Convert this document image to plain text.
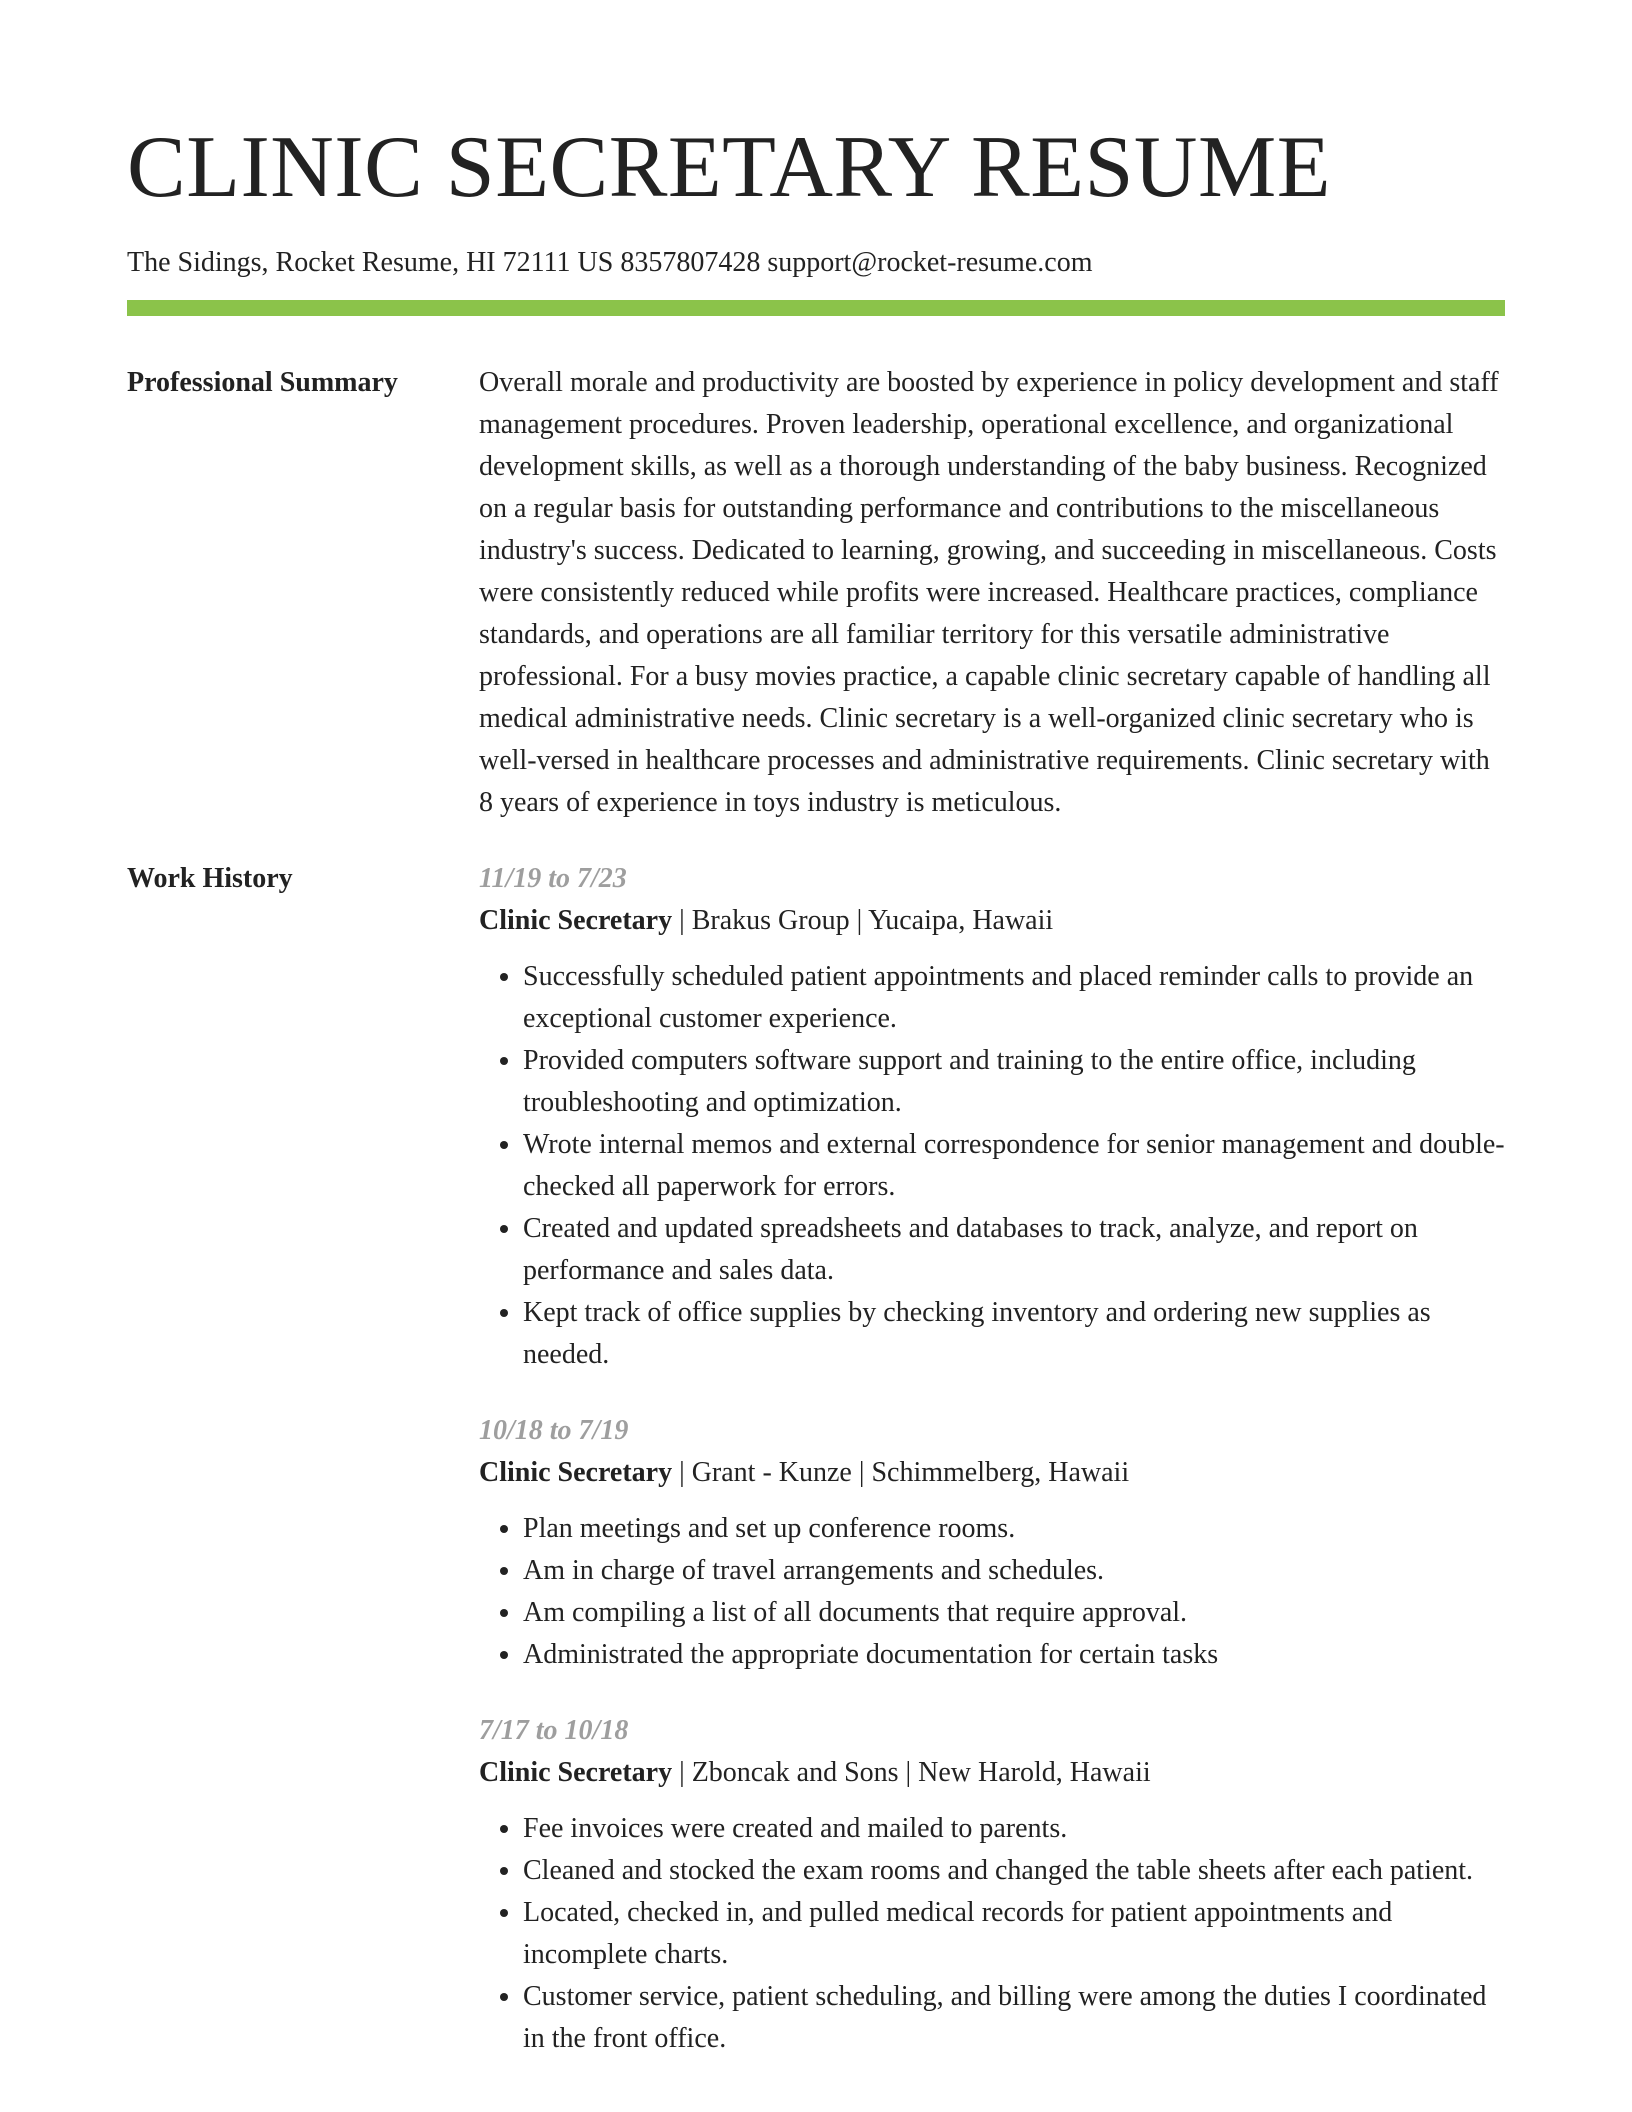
CLINIC SECRETARY RESUME
The Sidings, Rocket Resume, HI 72111 US 8357807428 support@rocket-resume.com
Professional Summary	Overall morale and productivity are boosted by experience in policy development and staff management procedures. Proven leadership, operational excellence, and organizational development skills, as well as a thorough understanding of the baby business. Recognized on a regular basis for outstanding performance and contributions to the miscellaneous industry's success. Dedicated to learning, growing, and succeeding in miscellaneous. Costs were consistently reduced while profits were increased. Healthcare practices, compliance standards, and operations are all familiar territory for this versatile administrative professional. For a busy movies practice, a capable clinic secretary capable of handling all medical administrative needs. Clinic secretary is a well-organized clinic secretary who is well-versed in healthcare processes and administrative requirements. Clinic secretary with 8 years of experience in toys industry is meticulous.

Work History	11/19 to 7/23
Clinic Secretary | Brakus Group | Yucaipa, Hawaii
• Successfully scheduled patient appointments and placed reminder calls to provide an exceptional customer experience.
• Provided computers software support and training to the entire office, including troubleshooting and optimization.
• Wrote internal memos and external correspondence for senior management and double-checked all paperwork for errors.
• Created and updated spreadsheets and databases to track, analyze, and report on performance and sales data.
• Kept track of office supplies by checking inventory and ordering new supplies as needed.
10/18 to 7/19
Clinic Secretary | Grant - Kunze | Schimmelberg, Hawaii
• Plan meetings and set up conference rooms.
• Am in charge of travel arrangements and schedules.
• Am compiling a list of all documents that require approval.
• Administrated the appropriate documentation for certain tasks
7/17 to 10/18
Clinic Secretary | Zboncak and Sons | New Harold, Hawaii
• Fee invoices were created and mailed to parents.
• Cleaned and stocked the exam rooms and changed the table sheets after each patient.
• Located, checked in, and pulled medical records for patient appointments and incomplete charts.
• Customer service, patient scheduling, and billing were among the duties I coordinated in the front office.
